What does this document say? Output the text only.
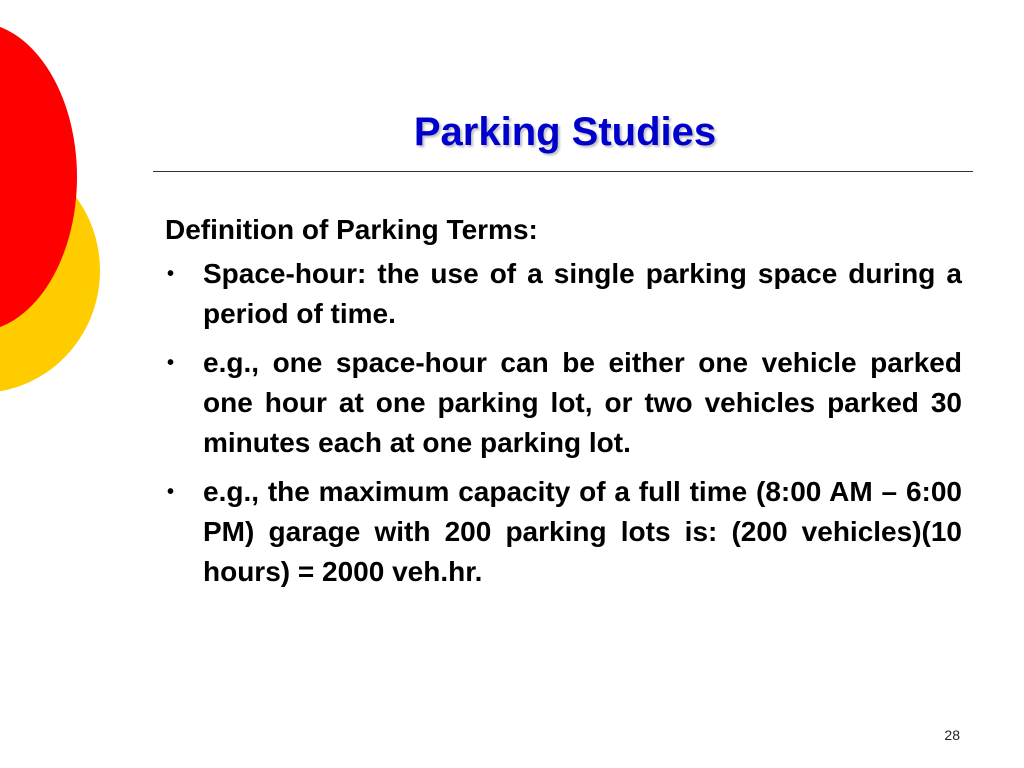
Parking Studies

Definition of Parking Terms:

• Space-hour: the use of a single parking space during a period of time.
• e.g., one space-hour can be either one vehicle parked one hour at one parking lot, or two vehicles parked 30 minutes each at one parking lot.
• e.g., the maximum capacity of a full time (8:00 AM – 6:00 PM) garage with 200 parking lots is: (200 vehicles)(10 hours) = 2000 veh.hr.
28
